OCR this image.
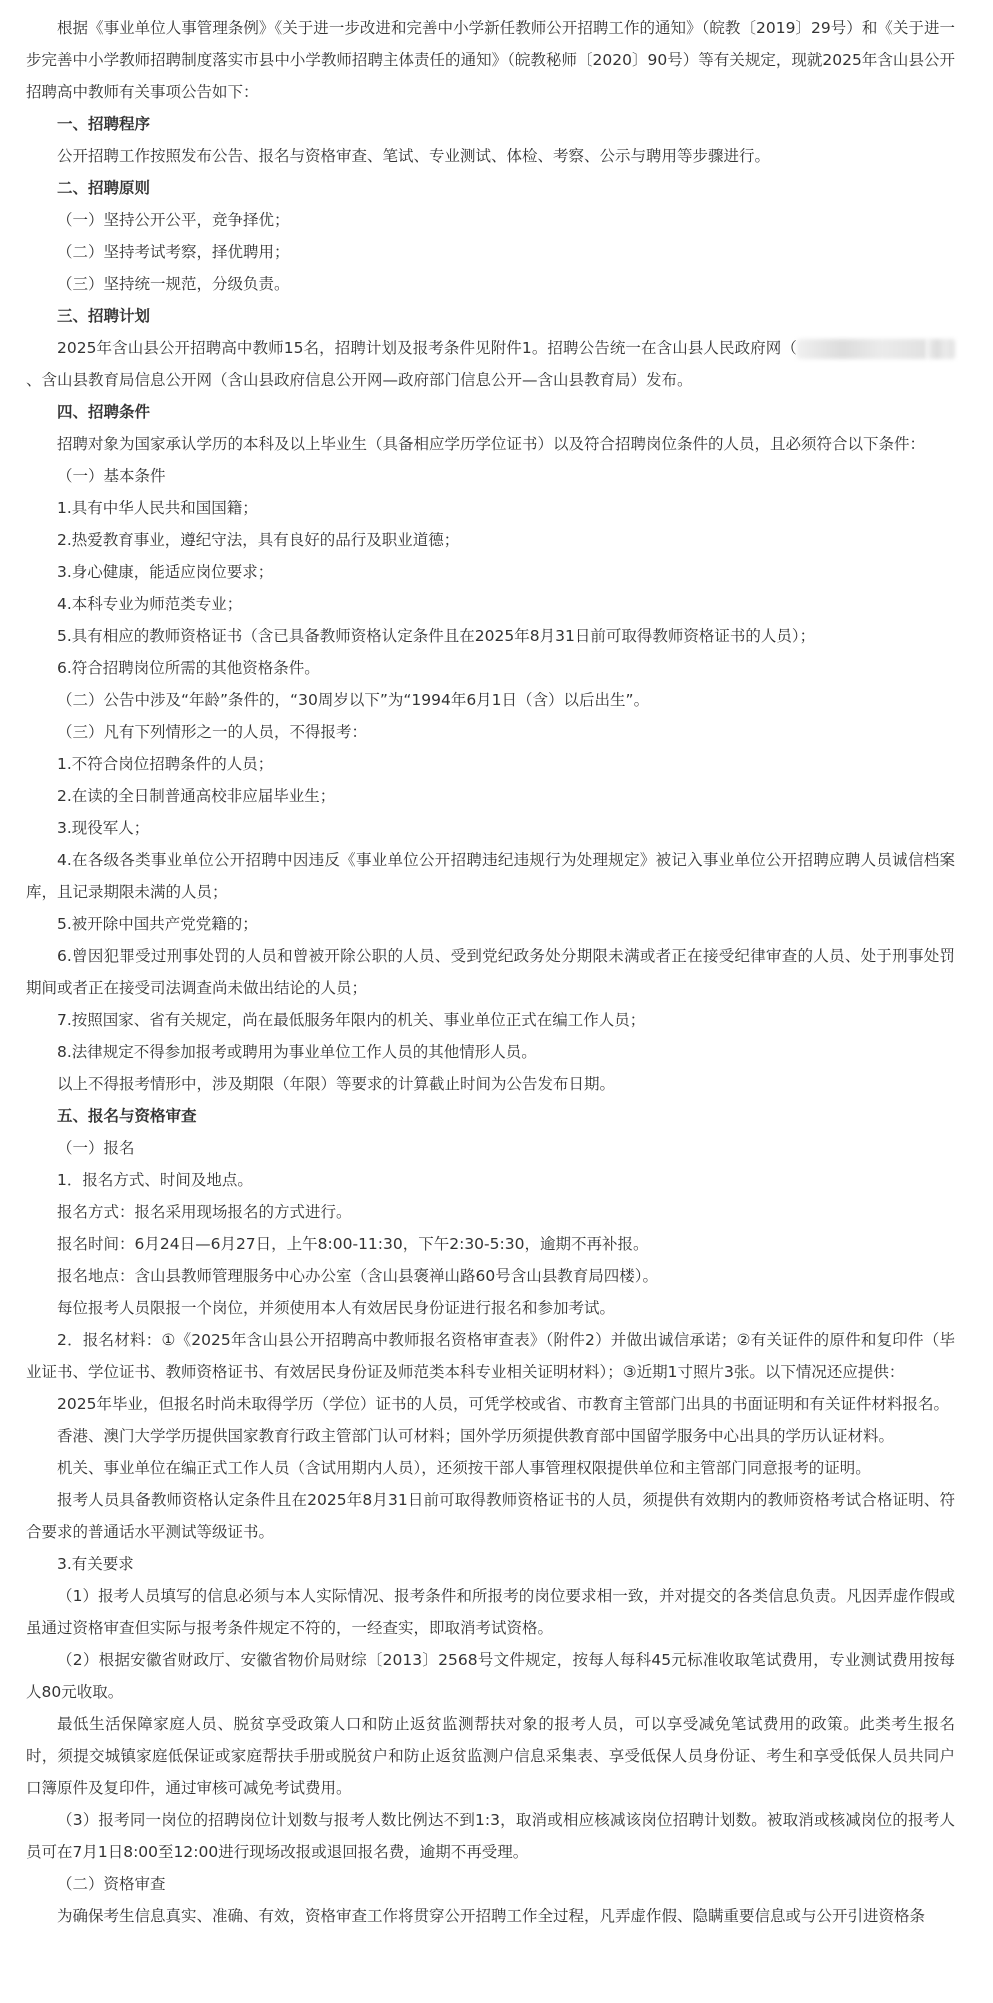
根据《事业单位人事管理条例》《关于进一步改进和完善中小学新任教师公开招聘工作的通知》（皖教〔2019〕29号）和《关于进一步完善中小学教师招聘制度落实市县中小学教师招聘主体责任的通知》（皖教秘师〔2020〕90号）等有关规定，现就2025年含山县公开招聘高中教师有关事项公告如下：

一、招聘程序

公开招聘工作按照发布公告、报名与资格审查、笔试、专业测试、体检、考察、公示与聘用等步骤进行。

二、招聘原则

（一）坚持公开公平，竞争择优；

（二）坚持考试考察，择优聘用；

（三）坚持统一规范，分级负责。

三、招聘计划

2025年含山县公开招聘高中教师15名，招聘计划及报考条件见附件1。招聘公告统一在含山县人民政府网（、含山县教育局信息公开网（含山县政府信息公开网—政府部门信息公开—含山县教育局）发布。

四、招聘条件

招聘对象为国家承认学历的本科及以上毕业生（具备相应学历学位证书）以及符合招聘岗位条件的人员，且必须符合以下条件：

（一）基本条件

1.具有中华人民共和国国籍；

2.热爱教育事业，遵纪守法，具有良好的品行及职业道德；

3.身心健康，能适应岗位要求；

4.本科专业为师范类专业；

5.具有相应的教师资格证书（含已具备教师资格认定条件且在2025年8月31日前可取得教师资格证书的人员）；

6.符合招聘岗位所需的其他资格条件。

（二）公告中涉及“年龄”条件的，“30周岁以下”为“1994年6月1日（含）以后出生”。

（三）凡有下列情形之一的人员，不得报考：

1.不符合岗位招聘条件的人员；

2.在读的全日制普通高校非应届毕业生；

3.现役军人；

4.在各级各类事业单位公开招聘中因违反《事业单位公开招聘违纪违规行为处理规定》被记入事业单位公开招聘应聘人员诚信档案库，且记录期限未满的人员；

5.被开除中国共产党党籍的；

6.曾因犯罪受过刑事处罚的人员和曾被开除公职的人员、受到党纪政务处分期限未满或者正在接受纪律审查的人员、处于刑事处罚期间或者正在接受司法调查尚未做出结论的人员；

7.按照国家、省有关规定，尚在最低服务年限内的机关、事业单位正式在编工作人员；

8.法律规定不得参加报考或聘用为事业单位工作人员的其他情形人员。

以上不得报考情形中，涉及期限（年限）等要求的计算截止时间为公告发布日期。

五、报名与资格审查

（一）报名

1．报名方式、时间及地点。

报名方式：报名采用现场报名的方式进行。

报名时间：6月24日—6月27日，上午8:00-11:30，下午2:30-5:30，逾期不再补报。

报名地点：含山县教师管理服务中心办公室（含山县褒禅山路60号含山县教育局四楼）。

每位报考人员限报一个岗位，并须使用本人有效居民身份证进行报名和参加考试。

2．报名材料：①《2025年含山县公开招聘高中教师报名资格审查表》（附件2）并做出诚信承诺；②有关证件的原件和复印件（毕业证书、学位证书、教师资格证书、有效居民身份证及师范类本科专业相关证明材料）；③近期1寸照片3张。以下情况还应提供：

2025年毕业，但报名时尚未取得学历（学位）证书的人员，可凭学校或省、市教育主管部门出具的书面证明和有关证件材料报名。

香港、澳门大学学历提供国家教育行政主管部门认可材料；国外学历须提供教育部中国留学服务中心出具的学历认证材料。

机关、事业单位在编正式工作人员（含试用期内人员），还须按干部人事管理权限提供单位和主管部门同意报考的证明。

报考人员具备教师资格认定条件且在2025年8月31日前可取得教师资格证书的人员，须提供有效期内的教师资格考试合格证明、符合要求的普通话水平测试等级证书。

3.有关要求

（1）报考人员填写的信息必须与本人实际情况、报考条件和所报考的岗位要求相一致，并对提交的各类信息负责。凡因弄虚作假或虽通过资格审查但实际与报考条件规定不符的，一经查实，即取消考试资格。

（2）根据安徽省财政厅、安徽省物价局财综〔2013〕2568号文件规定，按每人每科45元标准收取笔试费用，专业测试费用按每人80元收取。

最低生活保障家庭人员、脱贫享受政策人口和防止返贫监测帮扶对象的报考人员，可以享受减免笔试费用的政策。此类考生报名时，须提交城镇家庭低保证或家庭帮扶手册或脱贫户和防止返贫监测户信息采集表、享受低保人员身份证、考生和享受低保人员共同户口簿原件及复印件，通过审核可减免考试费用。

（3）报考同一岗位的招聘岗位计划数与报考人数比例达不到1:3，取消或相应核减该岗位招聘计划数。被取消或核减岗位的报考人员可在7月1日8:00至12:00进行现场改报或退回报名费，逾期不再受理。

（二）资格审查

为确保考生信息真实、准确、有效，资格审查工作将贯穿公开招聘工作全过程，凡弄虚作假、隐瞒重要信息或与公开引进资格条
